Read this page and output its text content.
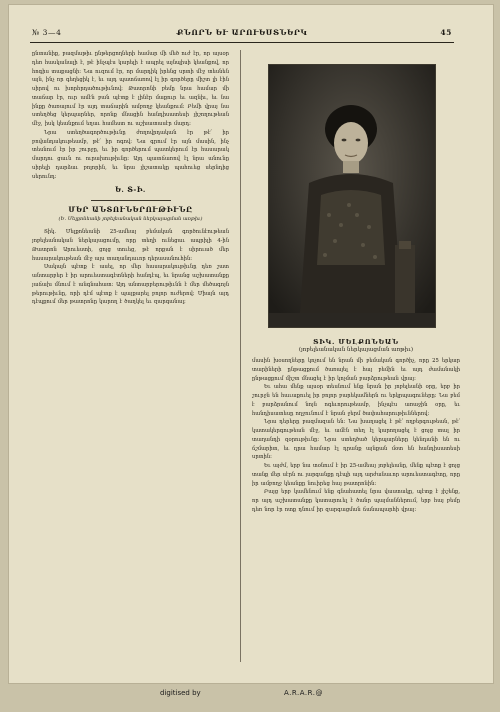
№ 3—4	ՔՆՈՐՆ ԵՒ ԱՐՈՒԵՍՏՆԵՐԿ	45

ընտանիք, բազմաթիւ ընթերցողների համար մի մեծ ուժ էր, որ այսօր դեռ հասկանալի է, թէ ինչպէս կարելի է ապրել այնպիսի կեանքով, որ հոգիս տաքացնի։ Նա ուզում էր, որ մարդիկ իրենց սրտի մէջ տեսնեն այն, ինչ որ գեղեցիկ է, եւ այդ պատճառով էլ իր գործերը միշտ լի էին սիրով ու խորհրդածութիւնով։ Թատրոնի բեմը նրա համար մի տաճար էր, ուր ամէն բան պէտք է լինէր մաքուր եւ ազնիւ, եւ նա ինքը ծառայում էր այդ տաճարին ամբողջ կեանքում։ Բեմի վրայ նա ստեղծեց կերպարներ, որոնք մնացին հանդիսատեսի յիշողութեան մէջ, իսկ կեանքում եղաւ համեստ ու աշխատասէր մարդ։

Նրա ստեղծագործութիւնը ժողովրդական էր թէ՛ իր բովանդակութեամբ, թէ՛ իր ոգով։ Նա գրում էր այն մասին, ինչ տեսնում էր իր շուրջը, եւ իր գործերում պատկերում էր հասարակ մարդու ցաւն ու ուրախութիւնը։ Այդ պատճառով էլ նրա անունը սիրելի դարձաւ բոլորին, եւ նրա յիշատակը պահուեց սերնդից սերունդ։

Ե. Տ-Ի.
ՄԵՐ ԱՆՏՈՒՆԵՐՈՒԹԻՒՆԸ
(Ե. Մելքոնեանի յոբելեանական ներկայացման առթիւ)

Տիկ. Մելքոնեանի 25-ամեայ բեմական գործունէութեան յոբելեանական ներկայացումը, որը տեղի ունեցաւ ապրիլի 4-ին Թատրոն Արուեստի, ցոյց տուեց, թէ որքան է սիրուած մեր հասարակութեան մէջ այս տաղանդաւոր դերասանուհին։

Սակայն պէտք է ասել, որ մեր հասարակութիւնը դեռ շատ անտարբեր է իր արուեստագէտների հանդէպ, եւ նրանց աշխատանքը յաճախ մնում է անգնահատ։ Այդ անտարբերութիւնն է մեր մեծագոյն թերութիւնը, որի դէմ պէտք է պայքարել բոլոր ուժերով։ Միայն այդ դէպքում մեր թատրոնը կարող է ծաղկել եւ զարգանալ։

ՏԻԿ. ՄԵԼՔՈՆԵԱՆ
(յոբելեանական ներկայացման առթիւ)

մասին խօսողները կոչում են նրան մի բեմական գործիչ, որը 25 երկար տարիների ընթացքում ծառայել է հայ բեմին եւ այդ ժամանակի ընթացքում միշտ մնացել է իր կոչման բարձրութեան վրայ։

Եւ ահա մենք այսօր տեսնում ենք նրան իր յոբելեանի օրը, երբ իր շուրջն են հաւաքուել իր բոլոր բարեկամներն ու երկրպագուները։ Նա բեմ է բարձրանում նոյն ոգեւորութեամբ, ինչպէս առաջին օրը, եւ հանդիսատեսը ողջունում է նրան ջերմ ծափահարութիւններով։

Նրա դերերը բազմազան են։ Նա խաղացել է թէ՛ ողբերգութեան, թէ՛ կատակերգութեան մէջ, եւ ամէն տեղ էլ կարողացել է ցոյց տալ իր տաղանդի զօրութիւնը։ Նրա ստեղծած կերպարները կենդանի են ու ճշմարիտ, եւ դրա համար էլ դրանք այնքան մօտ են հանդիսատեսի սրտին։

Եւ այժմ, երբ նա տօնում է իր 25-ամեայ յոբելեանը, մենք պէտք է ցոյց տանք մեր սէրն ու յարգանքը դէպի այդ արժանաւոր արուեստագէտը, որը իր ամբողջ կեանքը նուիրեց հայ թատրոնին։

Բայց երբ կամենում ենք գնահատել նրա վաստակը, պէտք է յիշենք, որ այդ աշխատանքը կատարուել է ծանր պայմաններում, երբ հայ բեմը դեռ նոր էր ոտք դնում իր զարգացման ճանապարհի վրայ։

digitised by	A.R.A.R.@
